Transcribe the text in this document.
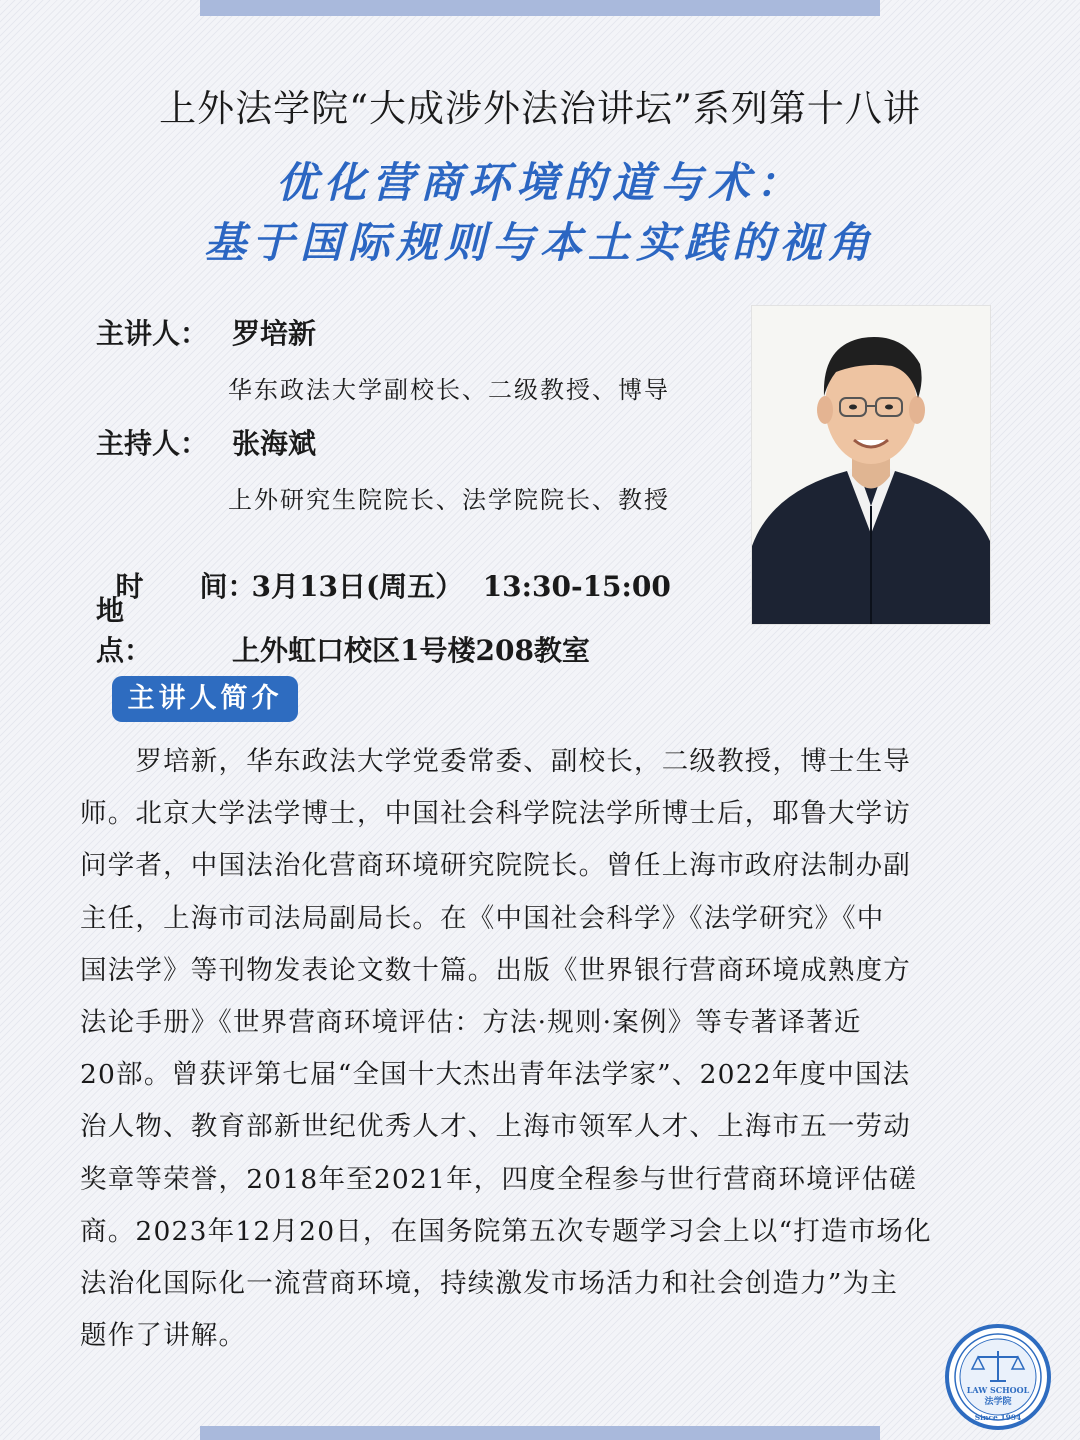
上外法学院“大成涉外法治讲坛”系列第十八讲
优化营商环境的道与术：
基于国际规则与本土实践的视角
主讲人： 罗培新
华东政法大学副校长、二级教授、博导
主持人： 张海斌
上外研究生院院长、法学院院长、教授

时　　间：3月13日(周五）  13:30-15:00

地　　点：	上外虹口校区1号楼208教室
主讲人简介
　　罗培新，华东政法大学党委常委、副校长，二级教授，博士生导
师。北京大学法学博士，中国社会科学院法学所博士后，耶鲁大学访
问学者，中国法治化营商环境研究院院长。曾任上海市政府法制办副
主任，上海市司法局副局长。在《中国社会科学》《法学研究》《中
国法学》等刊物发表论文数十篇。出版《世界银行营商环境成熟度方
法论手册》《世界营商环境评估：方法·规则·案例》等专著译著近
20部。曾获评第七届“全国十大杰出青年法学家”、2022年度中国法
治人物、教育部新世纪优秀人才、上海市领军人才、上海市五一劳动
奖章等荣誉，2018年至2021年，四度全程参与世行营商环境评估磋
商。2023年12月20日，在国务院第五次专题学习会上以“打造市场化
法治化国际化一流营商环境，持续激发市场活力和社会创造力”为主
题作了讲解。
LAW SCHOOL
法学院
Since 1994
